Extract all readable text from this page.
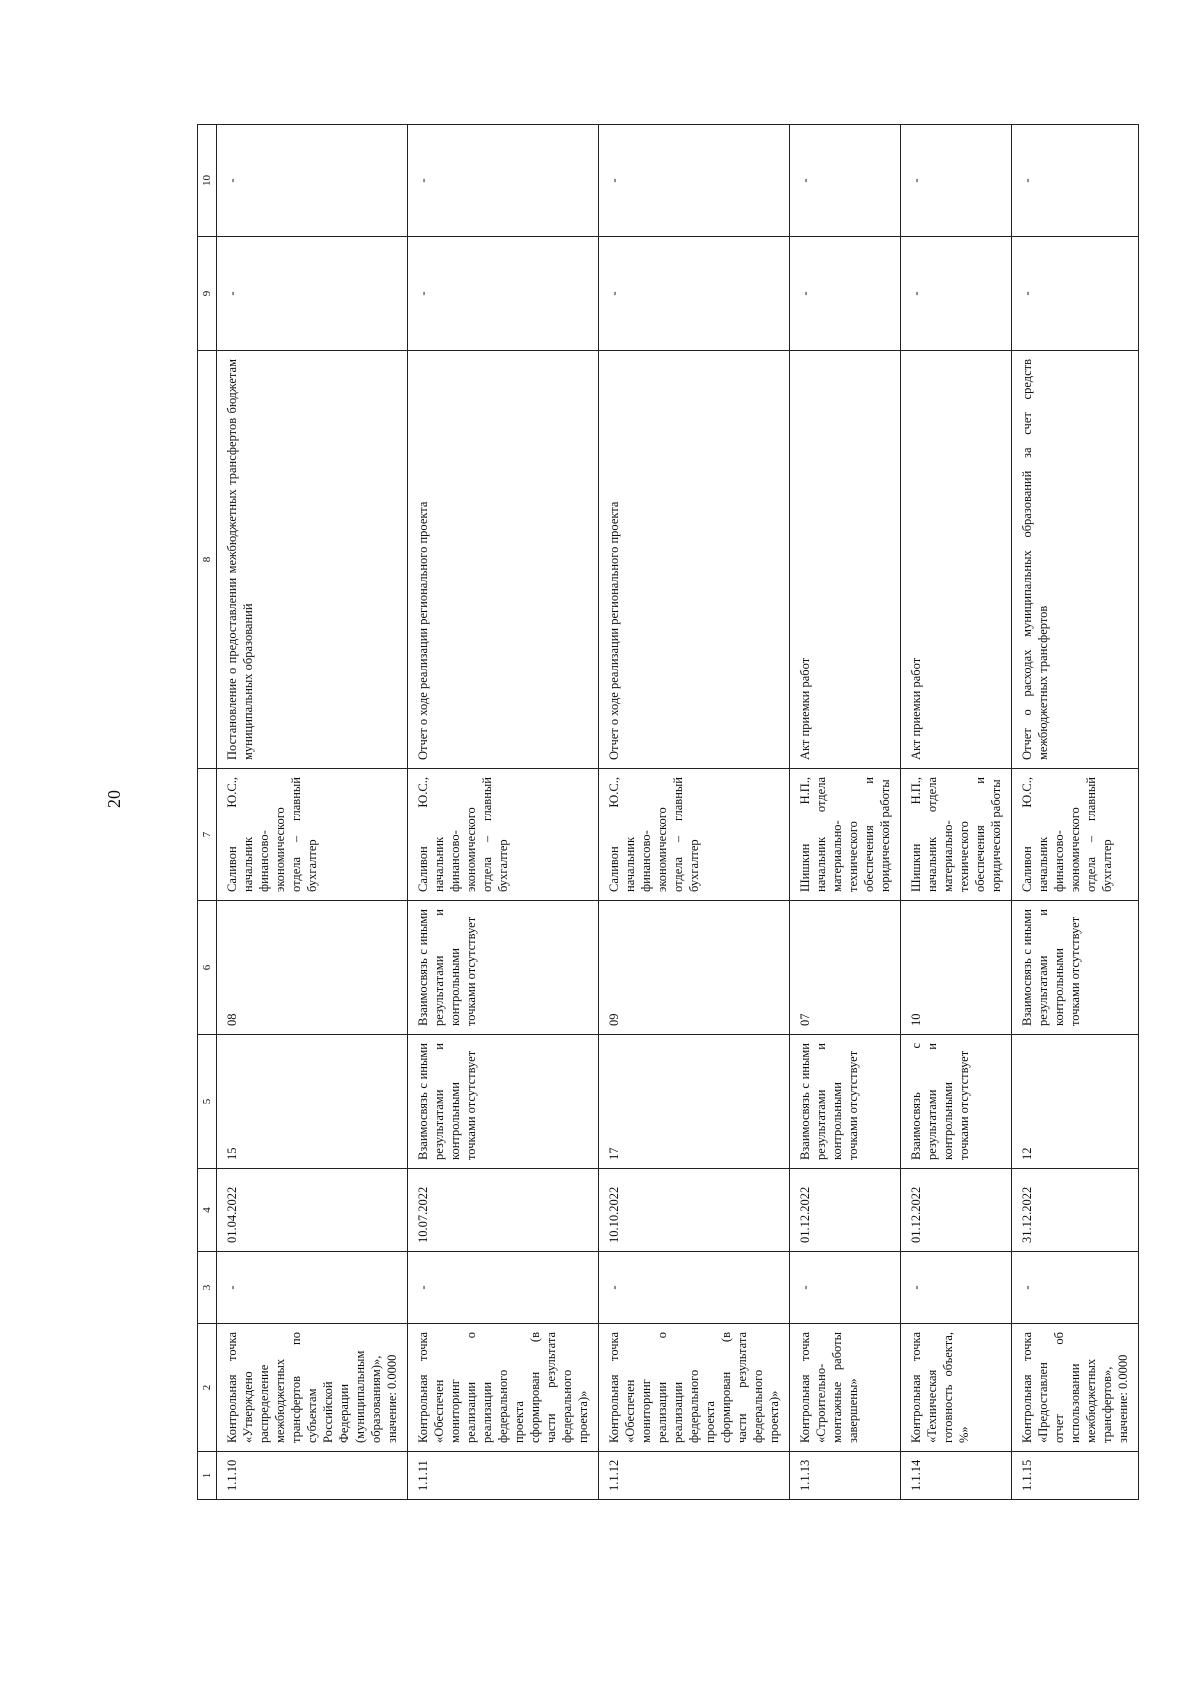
20
1	2	3	4	5	6	7	8	9	10
1.1.10	Контрольная точка «Утверждено распределение межбюджетных трансфертов по субъектам Российской Федерации (муниципальным образованиям)», значение: 0.0000	-	01.04.2022	15	08	Саливон Ю.С., начальник финансово-экономического отдела – главный бухгалтер	Постановление о предоставлении межбюджетных трансфертов бюджетам муниципальных образований	-	-
1.1.11	Контрольная точка «Обеспечен мониторинг реализации о реализации федерального проекта сформирован (в части результата федерального проекта)»	-	10.07.2022	Взаимосвязь с иными результатами и контрольными точками отсутствует	Взаимосвязь с иными результатами и контрольными точками отсутствует	Саливон Ю.С., начальник финансово-экономического отдела – главный бухгалтер	Отчет о ходе реализации регионального проекта	-	-
1.1.12	Контрольная точка «Обеспечен мониторинг реализации о реализации федерального проекта сформирован (в части результата федерального проекта)»	-	10.10.2022	17	09	Саливон Ю.С., начальник финансово-экономического отдела – главный бухгалтер	Отчет о ходе реализации регионального проекта	-	-
1.1.13	Контрольная точка «Строительно-монтажные работы завершены»	-	01.12.2022	Взаимосвязь с иными результатами и контрольными точками отсутствует	07	Шишкин Н.П., начальник отдела материально-технического обеспечения и юридической работы	Акт приемки работ	-	-
1.1.14	Контрольная точка «Техническая готовность объекта, %»	-	01.12.2022	Взаимосвязь с результатами и контрольными точками отсутствует	10	Шишкин Н.П., начальник отдела материально-технического обеспечения и юридической работы	Акт приемки работ	-	-
1.1.15	Контрольная точка «Предоставлен отчет об использовании межбюджетных трансфертов», значение: 0.0000	-	31.12.2022	12	Взаимосвязь с иными результатами и контрольными точками отсутствует	Саливон Ю.С., начальник финансово-экономического отдела – главный бухгалтер	Отчет о расходах муниципальных образований за счет средств межбюджетных трансфертов	-	-
